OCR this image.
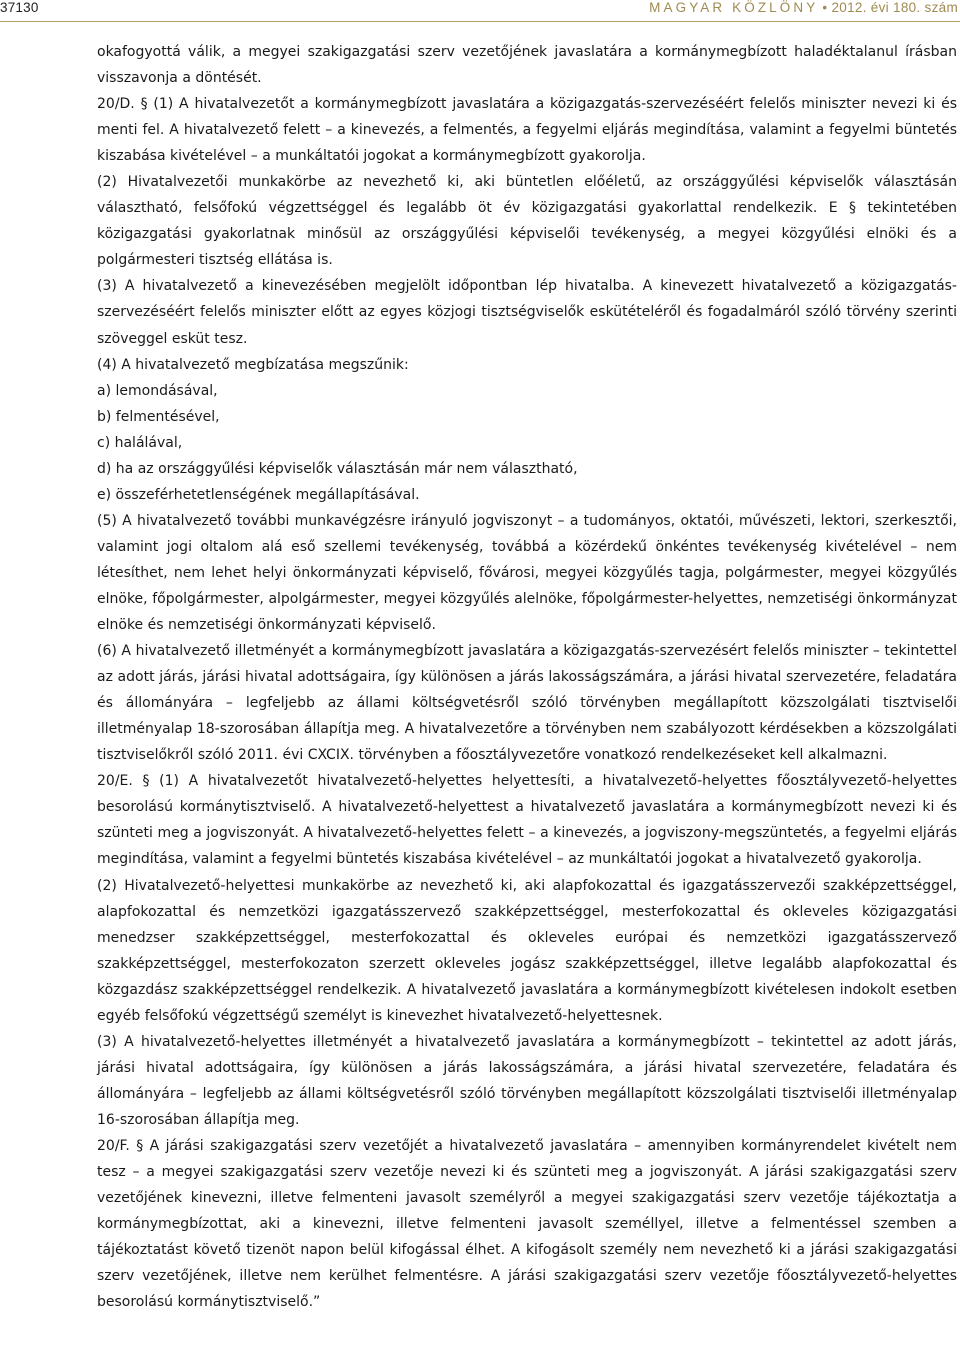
37130	MAGYAR KÖZLÖNY • 2012. évi 180. szám

okafogyottá válik, a megyei szakigazgatási szerv vezetőjének javaslatára a kormánymegbízott haladéktalanul írásban visszavonja a döntését.

20/D. § (1) A hivatalvezetőt a kormánymegbízott javaslatára a közigazgatás-szervezéséért felelős miniszter nevezi ki és menti fel. A hivatalvezető felett – a kinevezés, a felmentés, a fegyelmi eljárás megindítása, valamint a fegyelmi büntetés kiszabása kivételével – a munkáltatói jogokat a kormánymegbízott gyakorolja.

(2) Hivatalvezetői munkakörbe az nevezhető ki, aki büntetlen előéletű, az országgyűlési képviselők választásán választható, felsőfokú végzettséggel és legalább öt év közigazgatási gyakorlattal rendelkezik. E § tekintetében közigazgatási gyakorlatnak minősül az országgyűlési képviselői tevékenység, a megyei közgyűlési elnöki és a polgármesteri tisztség ellátása is.

(3) A hivatalvezető a kinevezésében megjelölt időpontban lép hivatalba. A kinevezett hivatalvezető a közigazgatás-szervezéséért felelős miniszter előtt az egyes közjogi tisztségviselők eskütételéről és fogadalmáról szóló törvény szerinti szöveggel esküt tesz.

(4) A hivatalvezető megbízatása megszűnik:

a) lemondásával,

b) felmentésével,

c) halálával,

d) ha az országgyűlési képviselők választásán már nem választható,

e) összeférhetetlenségének megállapításával.

(5) A hivatalvezető további munkavégzésre irányuló jogviszonyt – a tudományos, oktatói, művészeti, lektori, szerkesztői, valamint jogi oltalom alá eső szellemi tevékenység, továbbá a közérdekű önkéntes tevékenység kivételével – nem létesíthet, nem lehet helyi önkormányzati képviselő, fővárosi, megyei közgyűlés tagja, polgármester, megyei közgyűlés elnöke, főpolgármester, alpolgármester, megyei közgyűlés alelnöke, főpolgármester-helyettes, nemzetiségi önkormányzat elnöke és nemzetiségi önkormányzati képviselő.

(6) A hivatalvezető illetményét a kormánymegbízott javaslatára a közigazgatás-szervezésért felelős miniszter – tekintettel az adott járás, járási hivatal adottságaira, így különösen a járás lakosságszámára, a járási hivatal szervezetére, feladatára és állományára – legfeljebb az állami költségvetésről szóló törvényben megállapított közszolgálati tisztviselői illetményalap 18-szorosában állapítja meg. A hivatalvezetőre a törvényben nem szabályozott kérdésekben a közszolgálati tisztviselőkről szóló 2011. évi CXCIX. törvényben a főosztályvezetőre vonatkozó rendelkezéseket kell alkalmazni.

20/E. § (1) A hivatalvezetőt hivatalvezető-helyettes helyettesíti, a hivatalvezető-helyettes főosztályvezető-helyettes besorolású kormánytisztviselő. A hivatalvezető-helyettest a hivatalvezető javaslatára a kormánymegbízott nevezi ki és szünteti meg a jogviszonyát. A hivatalvezető-helyettes felett – a kinevezés, a jogviszony-megszüntetés, a fegyelmi eljárás megindítása, valamint a fegyelmi büntetés kiszabása kivételével – az munkáltatói jogokat a hivatalvezető gyakorolja.

(2) Hivatalvezető-helyettesi munkakörbe az nevezhető ki, aki alapfokozattal és igazgatásszervezői szakképzettséggel, alapfokozattal és nemzetközi igazgatásszervező szakképzettséggel, mesterfokozattal és okleveles közigazgatási menedzser szakképzettséggel, mesterfokozattal és okleveles európai és nemzetközi igazgatásszervező szakképzettséggel, mesterfokozaton szerzett okleveles jogász szakképzettséggel, illetve legalább alapfokozattal és közgazdász szakképzettséggel rendelkezik. A hivatalvezető javaslatára a kormánymegbízott kivételesen indokolt esetben egyéb felsőfokú végzettségű személyt is kinevezhet hivatalvezető-helyettesnek.

(3) A hivatalvezető-helyettes illetményét a hivatalvezető javaslatára a kormánymegbízott – tekintettel az adott járás, járási hivatal adottságaira, így különösen a járás lakosságszámára, a járási hivatal szervezetére, feladatára és állományára – legfeljebb az állami költségvetésről szóló törvényben megállapított közszolgálati tisztviselői illetményalap 16-szorosában állapítja meg.

20/F. § A járási szakigazgatási szerv vezetőjét a hivatalvezető javaslatára – amennyiben kormányrendelet kivételt nem tesz – a megyei szakigazgatási szerv vezetője nevezi ki és szünteti meg a jogviszonyát. A járási szakigazgatási szerv vezetőjének kinevezni, illetve felmenteni javasolt személyről a megyei szakigazgatási szerv vezetője tájékoztatja a kormánymegbízottat, aki a kinevezni, illetve felmenteni javasolt személlyel, illetve a felmentéssel szemben a tájékoztatást követő tizenöt napon belül kifogással élhet. A kifogásolt személy nem nevezhető ki a járási szakigazgatási szerv vezetőjének, illetve nem kerülhet felmentésre. A járási szakigazgatási szerv vezetője főosztályvezető-helyettes besorolású kormánytisztviselő.”
